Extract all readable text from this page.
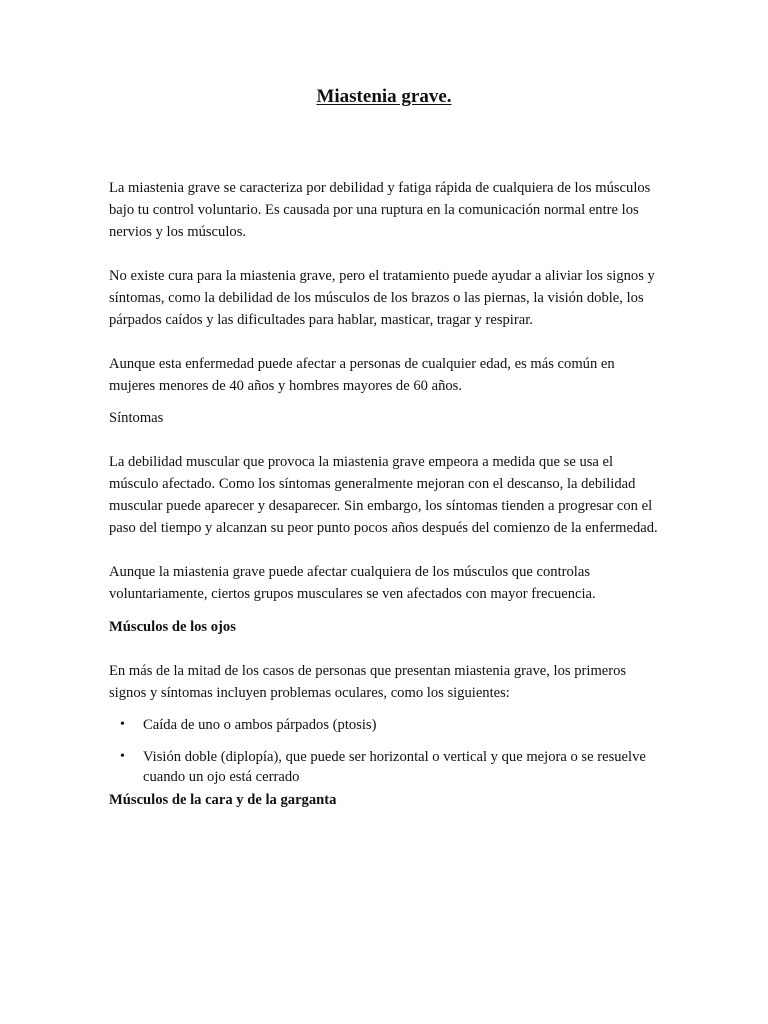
Miastenia grave.

La miastenia grave se caracteriza por debilidad y fatiga rápida de cualquiera de los músculos bajo tu control voluntario. Es causada por una ruptura en la comunicación normal entre los nervios y los músculos.

No existe cura para la miastenia grave, pero el tratamiento puede ayudar a aliviar los signos y síntomas, como la debilidad de los músculos de los brazos o las piernas, la visión doble, los párpados caídos y las dificultades para hablar, masticar, tragar y respirar.

Aunque esta enfermedad puede afectar a personas de cualquier edad, es más común en mujeres menores de 40 años y hombres mayores de 60 años.

Síntomas

La debilidad muscular que provoca la miastenia grave empeora a medida que se usa el músculo afectado. Como los síntomas generalmente mejoran con el descanso, la debilidad muscular puede aparecer y desaparecer. Sin embargo, los síntomas tienden a progresar con el paso del tiempo y alcanzan su peor punto pocos años después del comienzo de la enfermedad.

Aunque la miastenia grave puede afectar cualquiera de los músculos que controlas voluntariamente, ciertos grupos musculares se ven afectados con mayor frecuencia.

Músculos de los ojos

En más de la mitad de los casos de personas que presentan miastenia grave, los primeros signos y síntomas incluyen problemas oculares, como los siguientes:

• Caída de uno o ambos párpados (ptosis)
• Visión doble (diplopía), que puede ser horizontal o vertical y que mejora o se resuelve cuando un ojo está cerrado

Músculos de la cara y de la garganta
